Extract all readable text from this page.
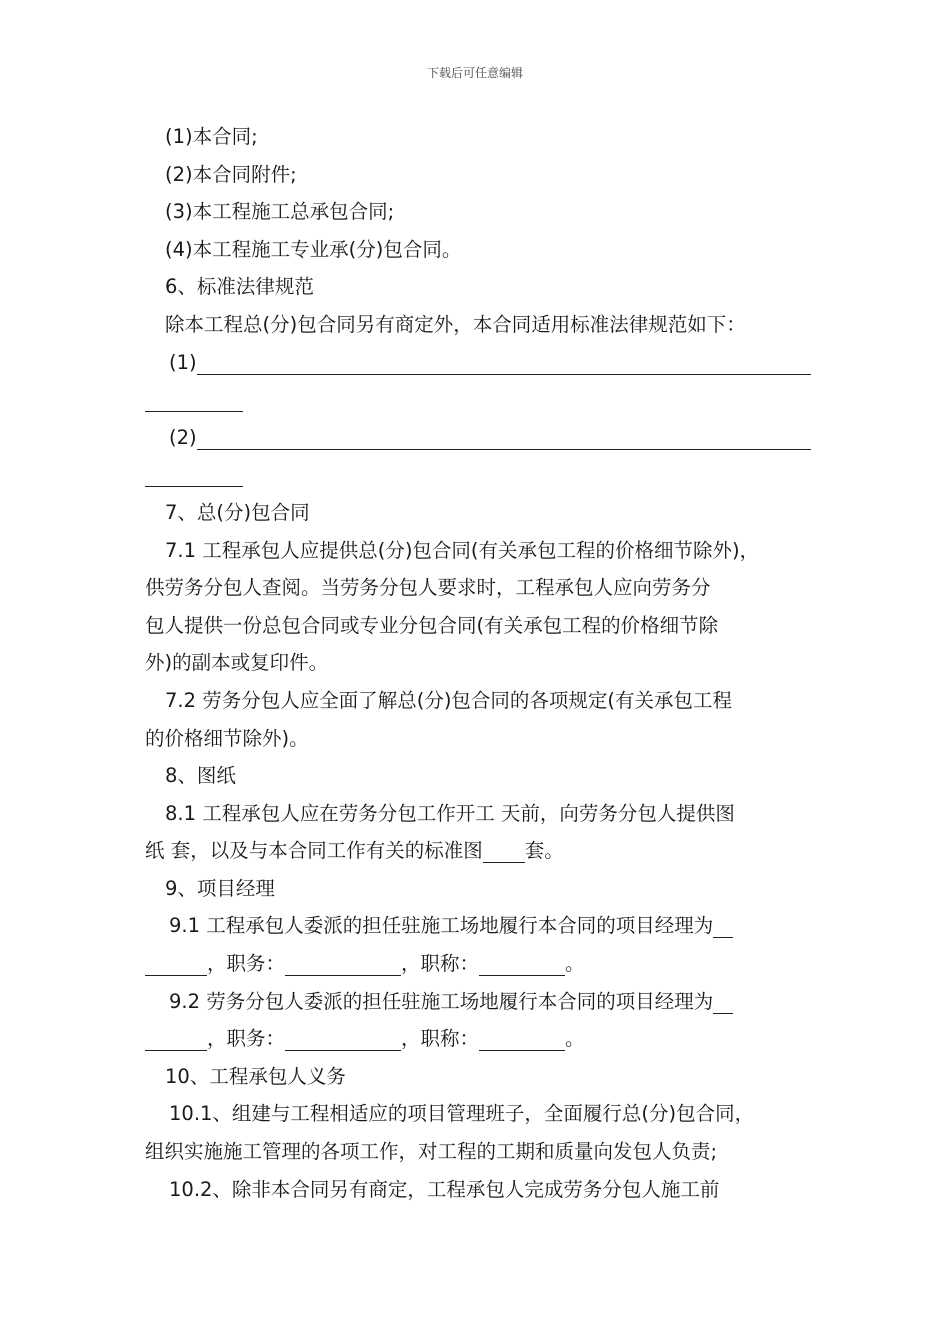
下载后可任意编辑
(1)本合同;
(2)本合同附件;
(3)本工程施工总承包合同;
(4)本工程施工专业承(分)包合同。
6、标准法律规范
除本工程总(分)包合同另有商定外，本合同适用标准法律规范如下：
(1)
(2)
7、总(分)包合同
7.1 工程承包人应提供总(分)包合同(有关承包工程的价格细节除外)，
供劳务分包人查阅。当劳务分包人要求时，工程承包人应向劳务分
包人提供一份总包合同或专业分包合同(有关承包工程的价格细节除
外)的副本或复印件。
7.2 劳务分包人应全面了解总(分)包合同的各项规定(有关承包工程
的价格细节除外)。
8、图纸
8.1 工程承包人应在劳务分包工作开工 天前，向劳务分包人提供图
纸 套，以及与本合同工作有关的标准图 套。
9、项目经理
9.1 工程承包人委派的担任驻施工场地履行本合同的项目经理为
，职务：	，职称：	。
9.2 劳务分包人委派的担任驻施工场地履行本合同的项目经理为
，职务：	，职称：	。
10、工程承包人义务
10.1、组建与工程相适应的项目管理班子，全面履行总(分)包合同，
组织实施施工管理的各项工作，对工程的工期和质量向发包人负责;
10.2、除非本合同另有商定，工程承包人完成劳务分包人施工前
